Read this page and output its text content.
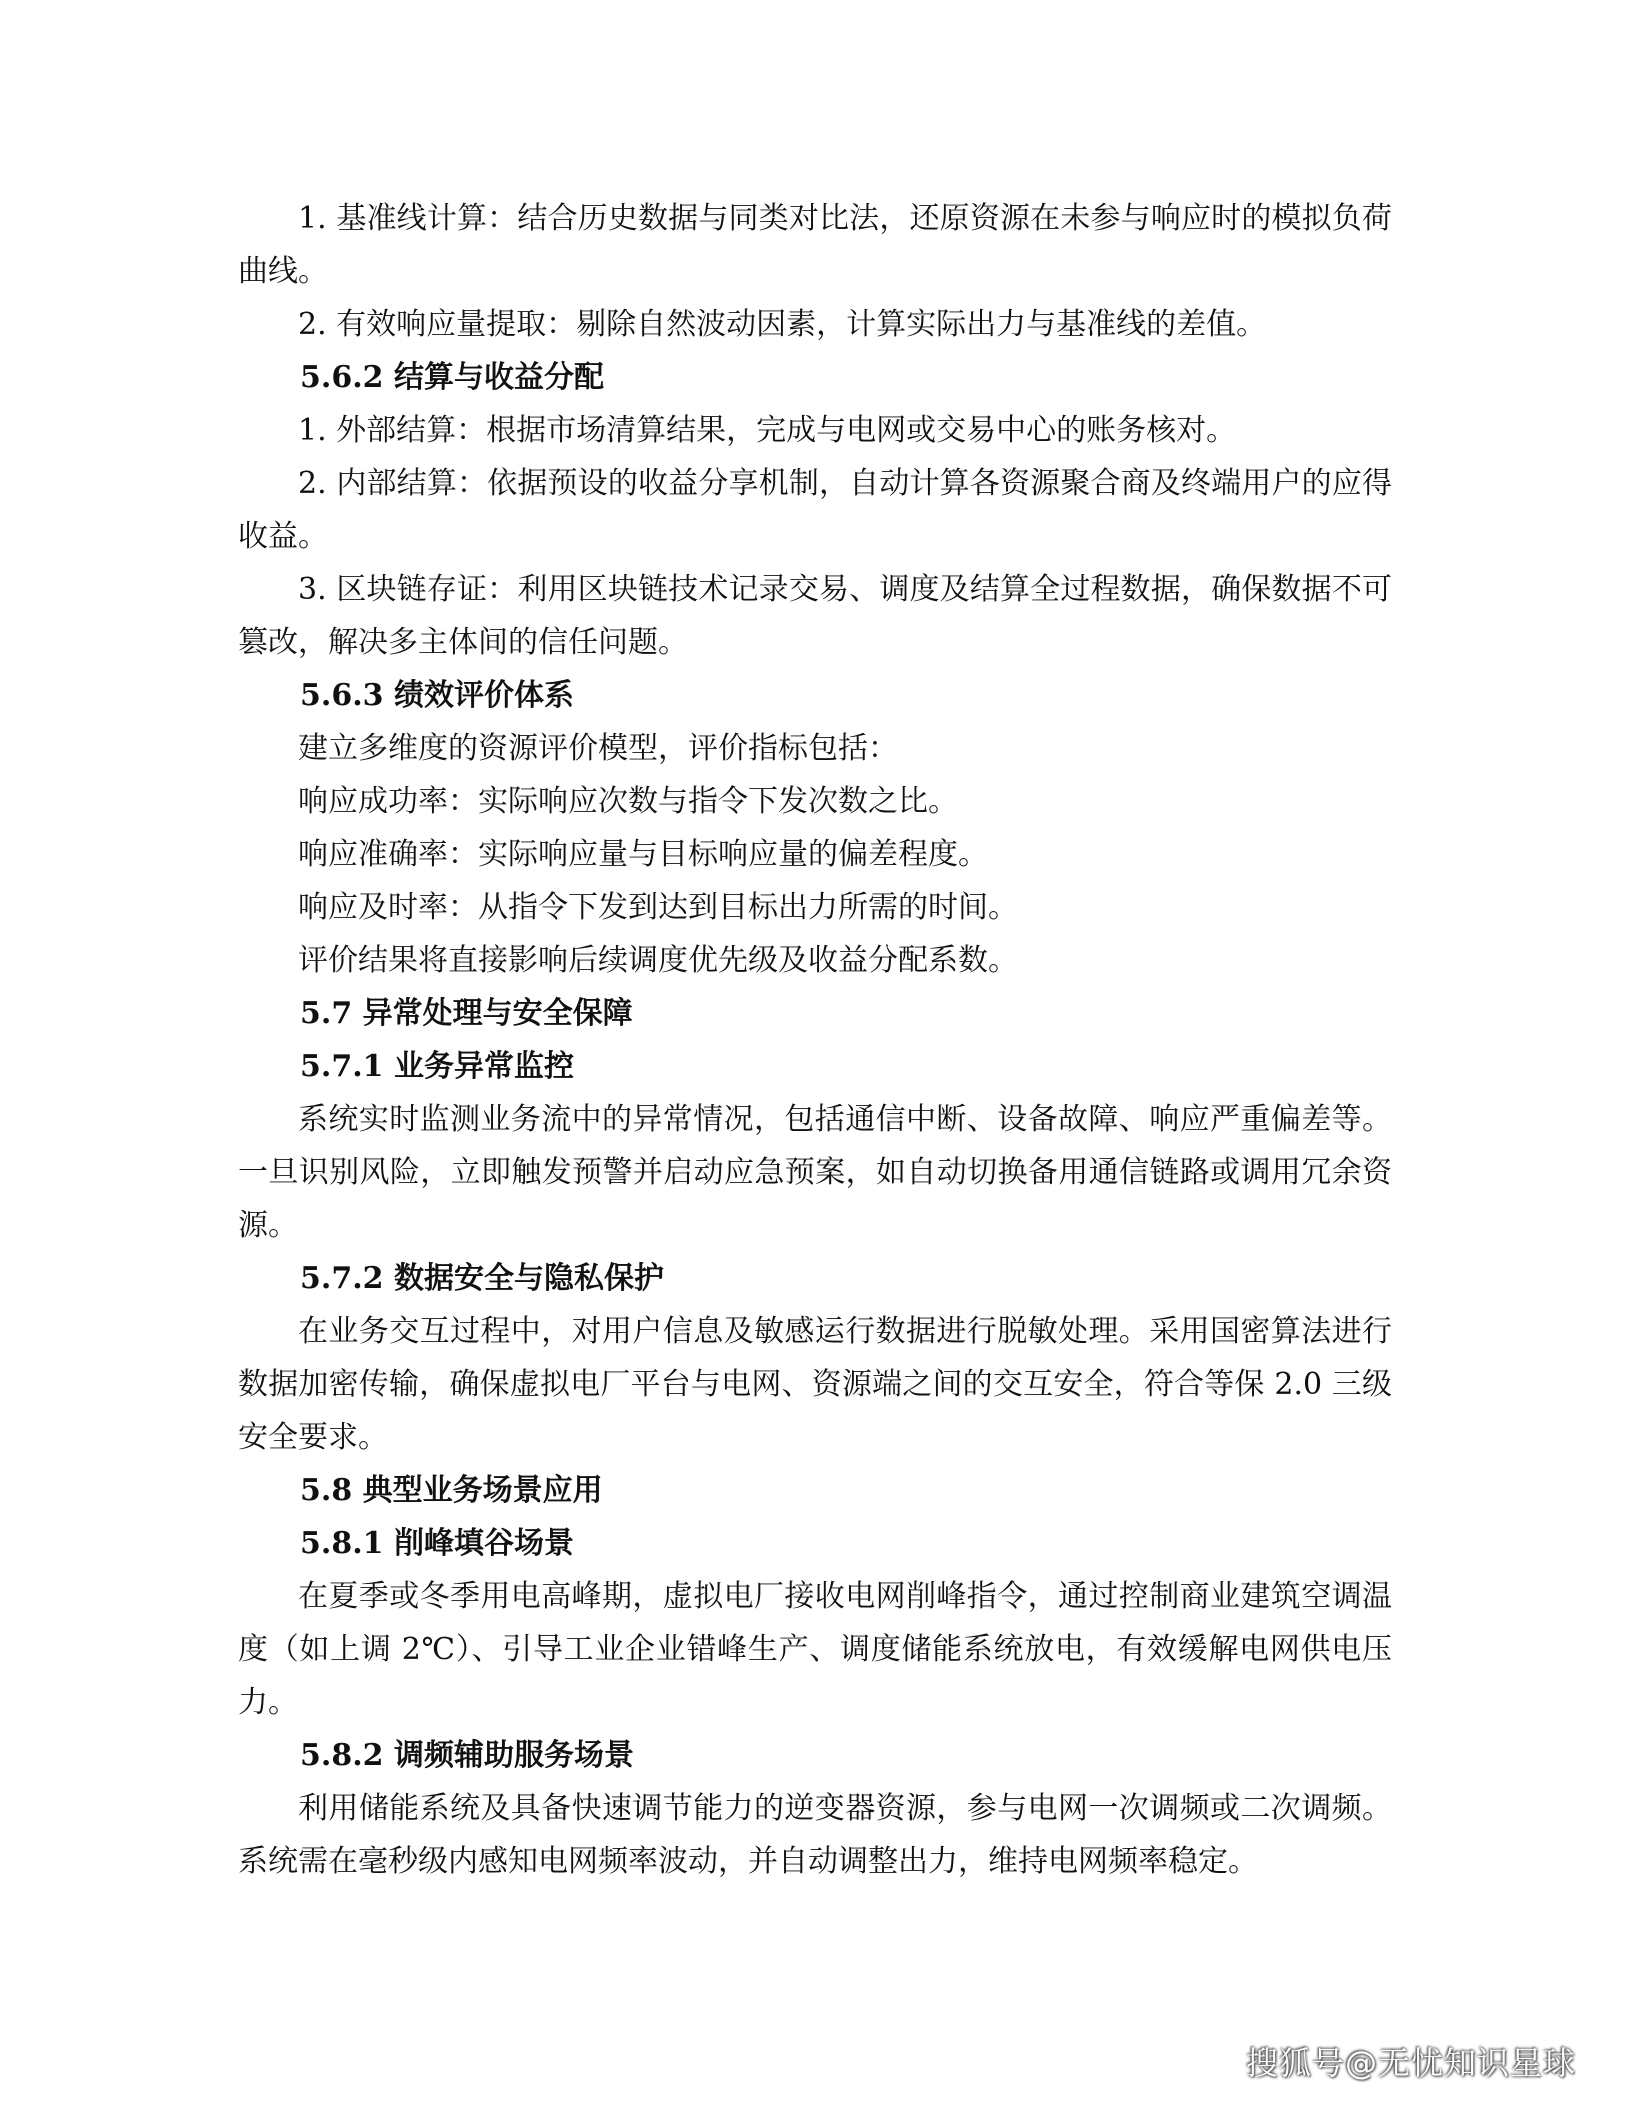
1. 基准线计算：结合历史数据与同类对比法，还原资源在未参与响应时的模拟负荷曲线。

2. 有效响应量提取：剔除自然波动因素，计算实际出力与基准线的差值。

5.6.2 结算与收益分配

1. 外部结算：根据市场清算结果，完成与电网或交易中心的账务核对。

2. 内部结算：依据预设的收益分享机制，自动计算各资源聚合商及终端用户的应得收益。

3. 区块链存证：利用区块链技术记录交易、调度及结算全过程数据，确保数据不可篡改，解决多主体间的信任问题。

5.6.3 绩效评价体系

建立多维度的资源评价模型，评价指标包括：

响应成功率：实际响应次数与指令下发次数之比。

响应准确率：实际响应量与目标响应量的偏差程度。

响应及时率：从指令下发到达到目标出力所需的时间。

评价结果将直接影响后续调度优先级及收益分配系数。

5.7 异常处理与安全保障

5.7.1 业务异常监控

系统实时监测业务流中的异常情况，包括通信中断、设备故障、响应严重偏差等。一旦识别风险，立即触发预警并启动应急预案，如自动切换备用通信链路或调用冗余资源。

5.7.2 数据安全与隐私保护

在业务交互过程中，对用户信息及敏感运行数据进行脱敏处理。采用国密算法进行数据加密传输，确保虚拟电厂平台与电网、资源端之间的交互安全，符合等保 2.0 三级安全要求。

5.8 典型业务场景应用

5.8.1 削峰填谷场景

在夏季或冬季用电高峰期，虚拟电厂接收电网削峰指令，通过控制商业建筑空调温度（如上调 2℃）、引导工业企业错峰生产、调度储能系统放电，有效缓解电网供电压力。

5.8.2 调频辅助服务场景

利用储能系统及具备快速调节能力的逆变器资源，参与电网一次调频或二次调频。系统需在毫秒级内感知电网频率波动，并自动调整出力，维持电网频率稳定。

搜狐号@无忧知识星球
